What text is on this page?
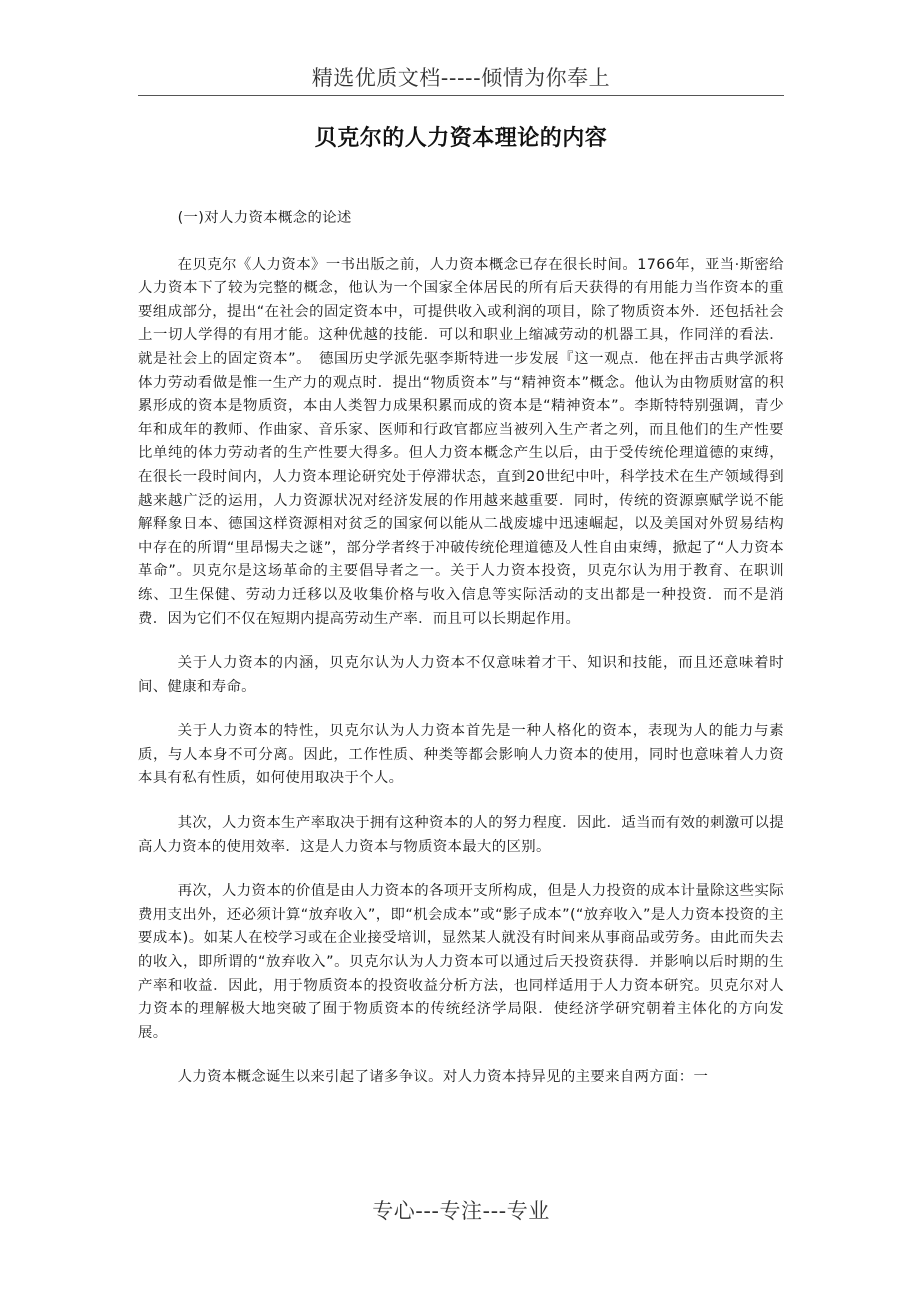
精选优质文档-----倾情为你奉上
贝克尔的人力资本理论的内容

(一)对人力资本概念的论述

在贝克尔《人力资本》一书出版之前，人力资本概念已存在很长时间。1766年，亚当·斯密给人力资本下了较为完整的概念，他认为一个国家全体居民的所有后天获得的有用能力当作资本的重要组成部分，提出“在社会的固定资本中，可提供收入或利润的项目，除了物质资本外．还包括社会上一切人学得的有用才能。这种优越的技能．可以和职业上缩减劳动的机器工具，作同洋的看法．就是社会上的固定资本”。　德国历史学派先驱李斯特进一步发展『这一观点．他在抨击古典学派将体力劳动看做是惟一生产力的观点时．提出“物质资本”与“精神资本”概念。他认为由物质财富的积累形成的资本是物质资，本由人类智力成果积累而成的资本是“精神资本”。李斯特特别强调，青少年和成年的教师、作曲家、音乐家、医师和行政官都应当被列入生产者之列，而且他们的生产性要比单纯的体力劳动者的生产性要大得多。但人力资本概念产生以后，由于受传统伦理道德的束缚，在很长一段时间内，人力资本理论研究处于停滞状态，直到20世纪中叶，科学技术在生产领域得到越来越广泛的运用，人力资源状况对经济发展的作用越来越重要．同时，传统的资源禀赋学说不能解释象日本、德国这样资源相对贫乏的国家何以能从二战废墟中迅速崛起，以及美国对外贸易结构中存在的所谓“里昂惕夫之谜”，部分学者终于冲破传统伦理道德及人性自由束缚，掀起了“人力资本革命”。贝克尔是这场革命的主要倡导者之一。关于人力资本投资，贝克尔认为用于教育、在职训练、卫生保健、劳动力迁移以及收集价格与收入信息等实际活动的支出都是一种投资．而不是消费．因为它们不仅在短期内提高劳动生产率．而且可以长期起作用。

关于人力资本的内涵，贝克尔认为人力资本不仅意味着才干、知识和技能，而且还意味着时间、健康和寿命。

关于人力资本的特性，贝克尔认为人力资本首先是一种人格化的资本，表现为人的能力与素质，与人本身不可分离。因此，工作性质、种类等都会影响人力资本的使用，同时也意味着人力资本具有私有性质，如何使用取决于个人。

其次，人力资本生产率取决于拥有这种资本的人的努力程度．因此．适当而有效的刺激可以提高人力资本的使用效率．这是人力资本与物质资本最大的区别。

再次，人力资本的价值是由人力资本的各项开支所构成，但是人力投资的成本计量除这些实际费用支出外，还必须计算“放弃收入”，即“机会成本”或“影子成本”(“放弃收入”是人力资本投资的主要成本)。如某人在校学习或在企业接受培训，显然某人就没有时间来从事商品或劳务。由此而失去的收入，即所谓的“放弃收入”。贝克尔认为人力资本可以通过后天投资获得．并影响以后时期的生产率和收益．因此，用于物质资本的投资收益分析方法，也同样适用于人力资本研究。贝克尔对人力资本的理解极大地突破了囿于物质资本的传统经济学局限．使经济学研究朝着主体化的方向发展。

人力资本概念诞生以来引起了诸多争议。对人力资本持异见的主要来自两方面：一

专心---专注---专业
